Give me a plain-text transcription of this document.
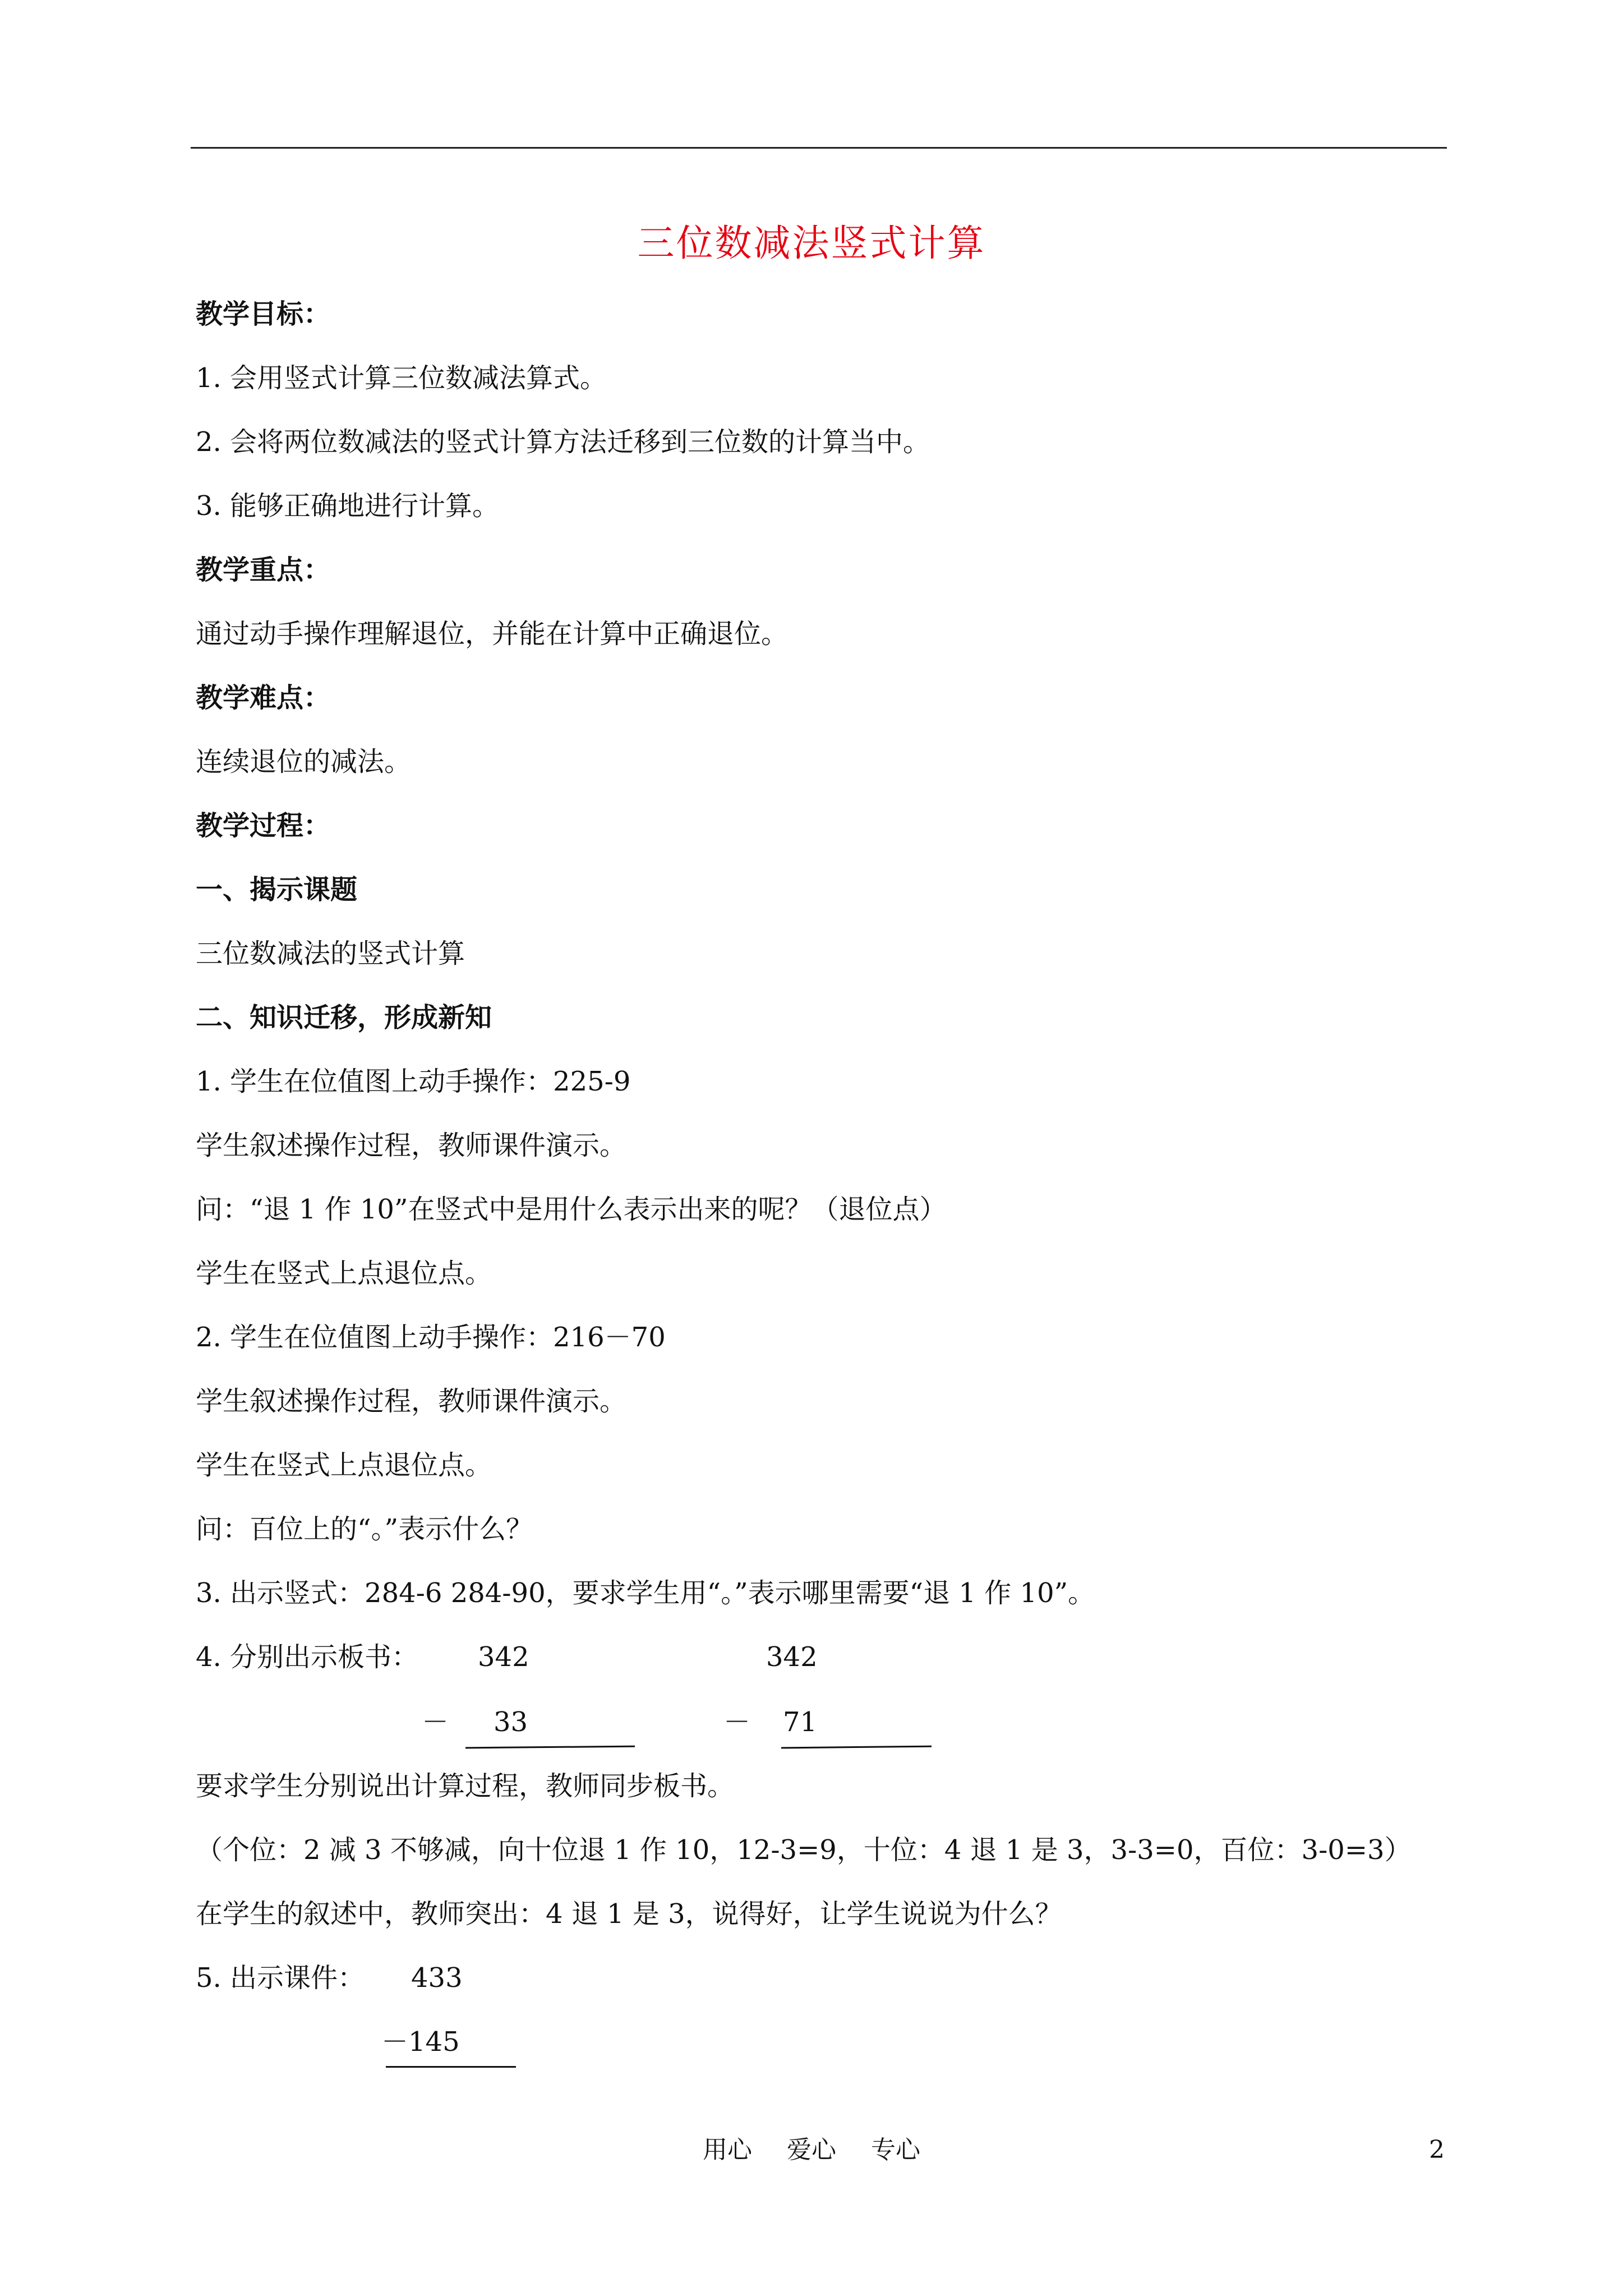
三位数减法竖式计算
教学目标：
1. 会用竖式计算三位数减法算式。
2. 会将两位数减法的竖式计算方法迁移到三位数的计算当中。
3. 能够正确地进行计算。
教学重点：
通过动手操作理解退位，并能在计算中正确退位。
教学难点：
连续退位的减法。
教学过程：
一、揭示课题
三位数减法的竖式计算
二、知识迁移，形成新知
1. 学生在位值图上动手操作：225-9
学生叙述操作过程，教师课件演示。
问：“退 1 作 10”在竖式中是用什么表示出来的呢？（退位点）
学生在竖式上点退位点。
2. 学生在位值图上动手操作：216－70
学生叙述操作过程，教师课件演示。
学生在竖式上点退位点。
问：百位上的“。”表示什么？
3. 出示竖式：284-6 284-90，要求学生用“。”表示哪里需要“退 1 作 10”。
4. 分别出示板书： 342	342
－ 33	－ 71
要求学生分别说出计算过程，教师同步板书。
（个位：2 减 3 不够减，向十位退 1 作 10，12-3=9，十位：4 退 1 是 3，3-3=0，百位：3-0=3）
在学生的叙述中，教师突出：4 退 1 是 3，说得好，让学生说说为什么？
5. 出示课件： 433
－145
用心 爱心 专心	2
